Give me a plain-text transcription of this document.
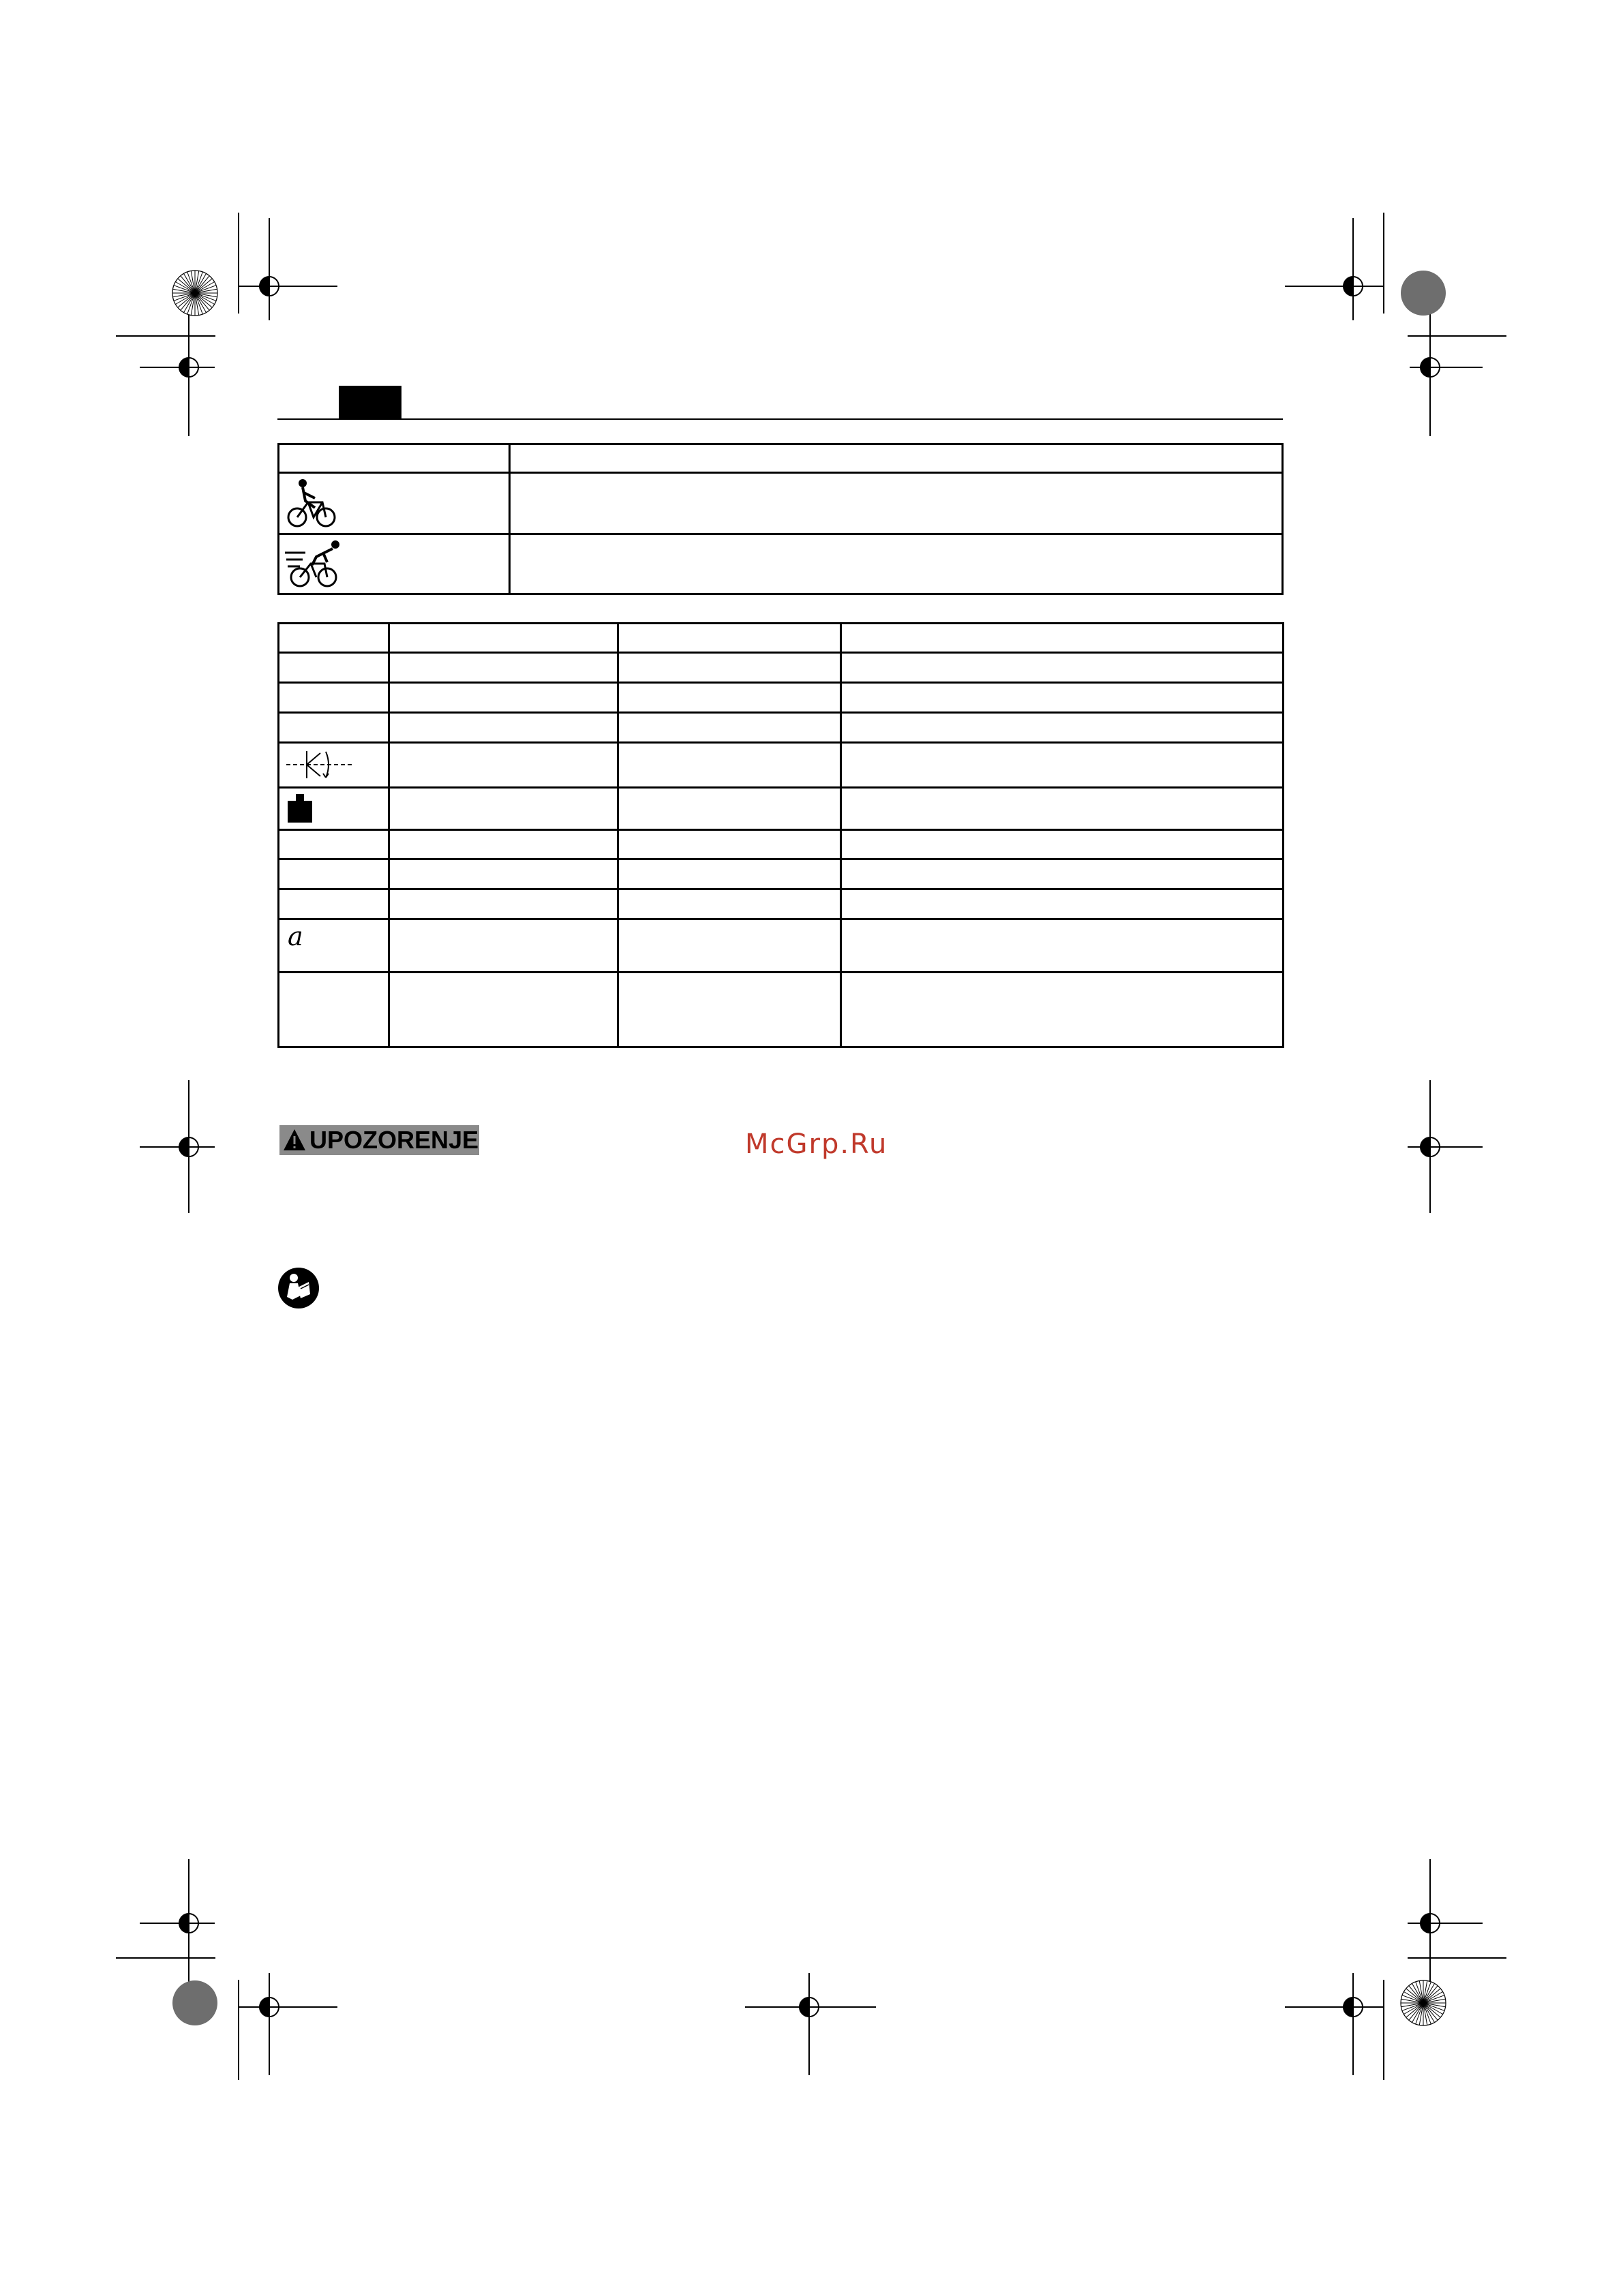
a			

UPOZORENJE	McGrp.Ru
